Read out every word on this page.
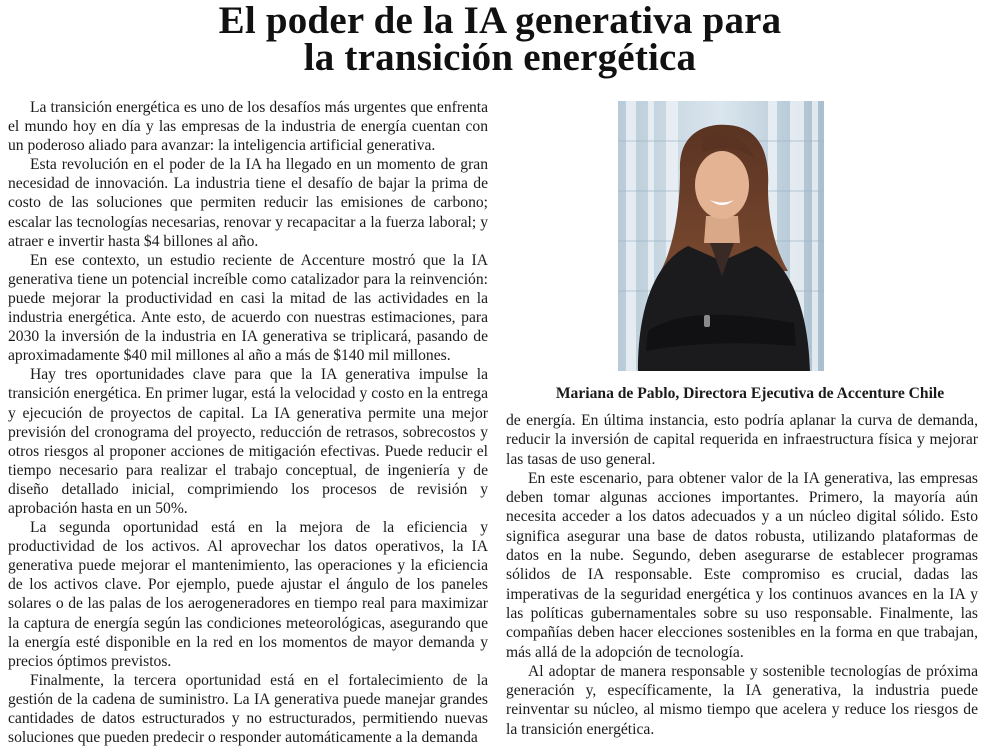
El poder de la IA generativa para
la transición energética

La transición energética es uno de los desafíos más urgentes que enfrenta el mundo hoy en día y las empresas de la industria de energía cuentan con un poderoso aliado para avanzar: la inteligencia artificial generativa.

Esta revolución en el poder de la IA ha llegado en un momento de gran necesidad de innovación. La industria tiene el desafío de bajar la prima de costo de las soluciones que permiten reducir las emisiones de carbono; escalar las tecnologías necesarias, renovar y recapacitar a la fuerza laboral; y atraer e invertir hasta $4 billones al año.

En ese contexto, un estudio reciente de Accenture mostró que la IA generativa tiene un potencial increíble como catalizador para la reinvención: puede mejorar la productividad en casi la mitad de las actividades en la industria energética. Ante esto, de acuerdo con nuestras estimaciones, para 2030 la inversión de la industria en IA generativa se triplicará, pasando de aproximadamente $40 mil millones al año a más de $140 mil millones.

Hay tres oportunidades clave para que la IA generativa impulse la transición energética. En primer lugar, está la velocidad y costo en la entrega y ejecución de proyectos de capital. La IA generativa permite una mejor previsión del cronograma del proyecto, reducción de retrasos, sobrecostos y otros riesgos al proponer acciones de mitigación efectivas. Puede reducir el tiempo necesario para realizar el trabajo conceptual, de ingeniería y de diseño detallado inicial, comprimiendo los procesos de revisión y aprobación hasta en un 50%.

La segunda oportunidad está en la mejora de la eficiencia y productividad de los activos. Al aprovechar los datos operativos, la IA generativa puede mejorar el mantenimiento, las operaciones y la eficiencia de los activos clave. Por ejemplo, puede ajustar el ángulo de los paneles solares o de las palas de los aerogeneradores en tiempo real para maximizar la captura de energía según las condiciones meteorológicas, asegurando que la energía esté disponible en la red en los momentos de mayor demanda y precios óptimos previstos.

Finalmente, la tercera oportunidad está en el fortalecimiento de la gestión de la cadena de suministro. La IA generativa puede manejar grandes cantidades de datos estructurados y no estructurados, permitiendo nuevas soluciones que pueden predecir o responder automáticamente a la demanda

Mariana de Pablo, Directora Ejecutiva de Accenture Chile

de energía. En última instancia, esto podría aplanar la curva de demanda, reducir la inversión de capital requerida en infraestructura física y mejorar las tasas de uso general.

En este escenario, para obtener valor de la IA generativa, las empresas deben tomar algunas acciones importantes. Primero, la mayoría aún necesita acceder a los datos adecuados y a un núcleo digital sólido. Esto significa asegurar una base de datos robusta, utilizando plataformas de datos en la nube. Segundo, deben asegurarse de establecer programas sólidos de IA responsable. Este compromiso es crucial, dadas las imperativas de la seguridad energética y los continuos avances en la IA y las políticas gubernamentales sobre su uso responsable. Finalmente, las compañías deben hacer elecciones sostenibles en la forma en que trabajan, más allá de la adopción de tecnología.

Al adoptar de manera responsable y sostenible tecnologías de próxima generación y, específicamente, la IA generativa, la industria puede reinventar su núcleo, al mismo tiempo que acelera y reduce los riesgos de la transición energética.
